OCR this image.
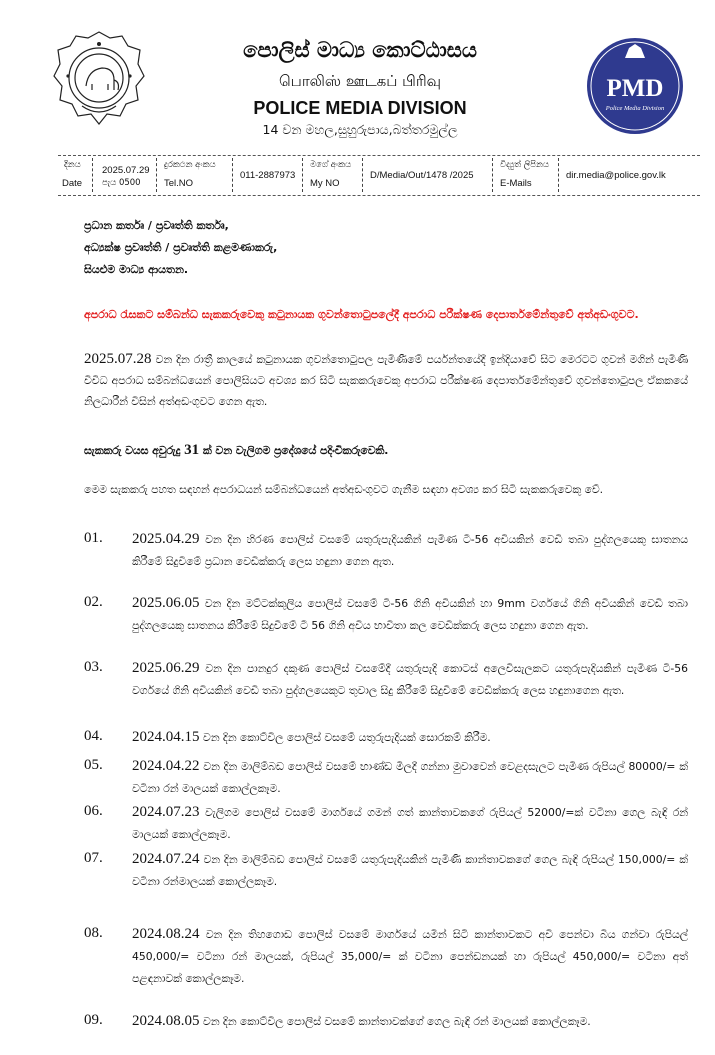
පොලිස් මාධ්‍ය කොට්ඨාසය
பொலிஸ் ஊடகப் பிரிவு
POLICE MEDIA DIVISION
14 වන මහල,සුහුරුපාය,බත්තරමුල්ල
PMD
Police Media Division
දිනය
Date
2025.07.29
පැය 0500
දුරකථන අංකය
Tel.NO
011-2887973
මගේ අංකය
My NO
D/Media/Out/1478 /2025
විද්‍යුත් ලිපිනය
E-Mails
dir.media@police.gov.lk
ප්‍රධාන කර්තෘ / ප්‍රවෘත්ති කර්තෘ,
අධ්‍යක්ෂ ප්‍රවෘත්ති / ප්‍රවෘත්ති කළමණාකරු,
සියළුම මාධ්‍ය ආයතන.
අපරාධ රැසකට සම්බන්ධ සැකකරුවෙකු කටුනායක ගුවන්තොටුපලේදී අපරාධ පරීක්ෂණ දෙපාර්තමේන්තුවේ අත්අඩංගුවට.
2025.07.28 වන දින රාත්‍රී කාලයේ කටුනායක ගුවන්තොටුපල පැමිණීමේ පර්යන්තයේදී ඉන්දියාවේ සිට මෙරටට ගුවන් මගින් පැමිණි විවිධ අපරාධ සම්බන්ධයෙන් පොලිසියට අවශ්‍ය කර සිටි සැකකරුවෙකු අපරාධ පරීක්ෂණ දෙපාර්තමේන්තුවේ ගුවන්තොටුපල ඒකකයේ නිලධාරීන් විසින් අත්අඩංගුවට ගෙන ඇත.
සැකකරු වයස අවුරුදු 31 ක් වන වැලිගම ප්‍රදේශයේ පදිංචිකරුවෙකි.
මෙම සැකකරු පහත සඳහන් අපරාධයන් සම්බන්ධයෙන් අත්අඩංගුවට ගැනීම සඳහා අවශ්‍ය කර සිටි සැකකරුවෙකු වේ.
01. 2025.04.29 වන දින හිරණ පොලිස් වසමේ යතුරුපැදියකින් පැමිණ ටී-56 අවියකින් වෙඩි තබා පුද්ගලයෙකු ඝාතනය කිරීමේ සිදුවීමේ ප්‍රධාන වෙඩික්කරු ලෙස හඳුනා ගෙන ඇත.
02. 2025.06.05 වන දින මට්ටක්කුලිය පොලිස් වසමේ ටී-56 ගිනි අවියකින් හා 9mm වර්ගයේ ගිනි අවියකින් වෙඩි තබා පුද්ගලයෙකු ඝාතනය කිරීමේ සිදුවීමේ ටී 56 ගිනි අවිය භාවිතා කල වෙඩික්කරු ලෙස හඳුනා ගෙන ඇත.
03. 2025.06.29 වන දින පානදුර දකුණ පොලිස් වසමේදී යතුරුපැදි කොටස් අලෙවිසැලකට යතුරුපැදියකින් පැමිණ ටී-56 වර්ගයේ ගිනි අවියකින් වෙඩි තබා පුද්ගලයෙකුට තුවාල සිදු කිරීමේ සිදුවීමේ වෙඩික්කරු ලෙස හඳුනාගෙන ඇත.
04. 2024.04.15 වන දින කොට්විල පොලිස් වසමේ යතුරුපැදියක් සොරකම් කිරීම.
05. 2024.04.22 වන දින මාලිම්බඩ පොලිස් වසමේ භාණ්ඩ මිලදී ගන්නා මුවාවෙන් වෙළදසැලට පැමිණ රුපියල් 80000/= ක් වටිනා රන් මාලයක් කොල්ලකෑම.
06. 2024.07.23 වැලිගම පොලිස් වසමේ මාර්ගයේ ගමන් ගත් කාන්තාවකගේ රුපියල් 52000/=ක් වටිනා ගෙල බැඳි රන් මාලයක් කොල්ලකෑම.
07. 2024.07.24 වන දින මාලිම්බඩ පොලිස් වසමේ යතුරුපැදියකින් පැමිණි කාන්තාවකගේ ගෙල බැඳි රුපියල් 150,000/= ක් වටිනා රන්මාලයක් කොල්ලකෑම.
08. 2024.08.24 වන දින තිහගොඩ පොලිස් වසමේ මාර්ගයේ යමින් සිටි කාන්තාවකට අවි පෙන්වා බිය ගන්වා රුපියල් 450,000/= වටිනා රන් මාලයක්, රුපියල් 35,000/= ක් වටිනා පෙන්ඩනයක් හා රුපියල් 450,000/= වටිනා අත් පළඳනාවක් කොල්ලකෑම.
09. 2024.08.05 වන දින කොට්විල පොලිස් වසමේ කාන්තාවක්ගේ ගෙල බැඳි රන් මාලයක් කොල්ලකෑම.
